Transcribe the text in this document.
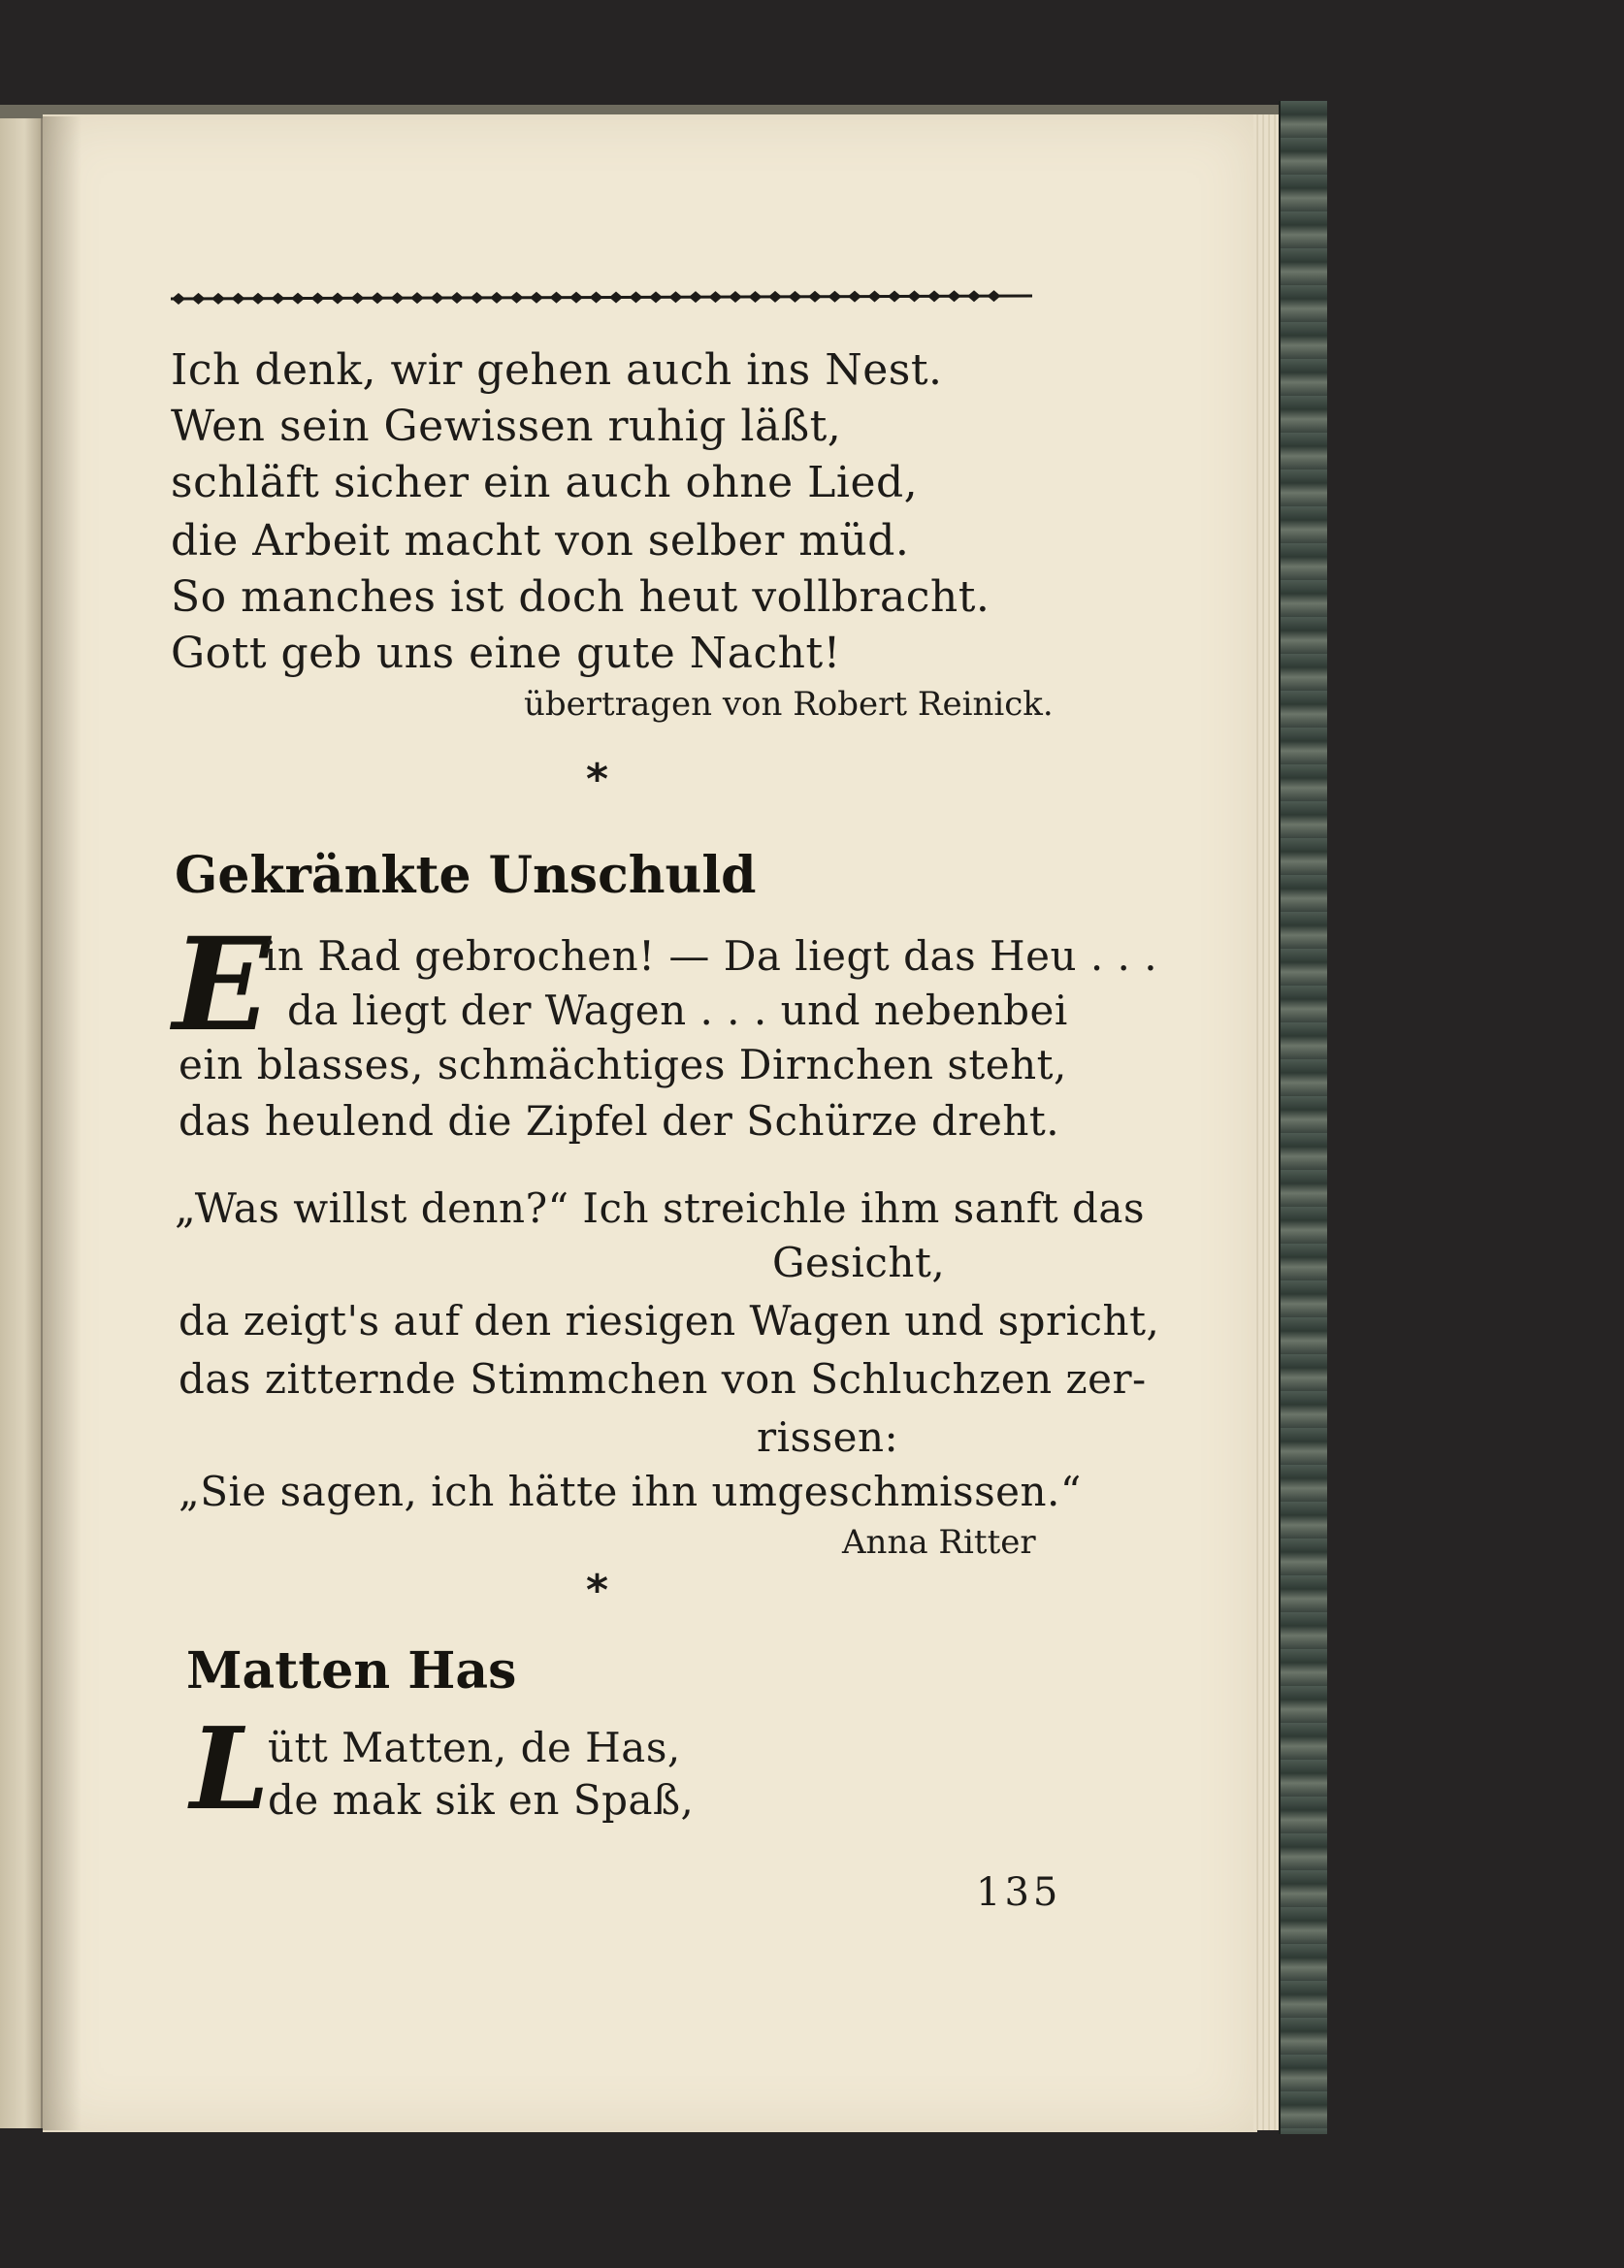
Ich denk, wir gehen auch ins Nest.
Wen sein Gewissen ruhig läßt,
schläft sicher ein auch ohne Lied,
die Arbeit macht von selber müd.
So manches ist doch heut vollbracht.
Gott geb uns eine gute Nacht!
übertragen von Robert Reinick.
*
Gekränkte Unschuld
E
in Rad gebrochen! — Da liegt das Heu . . .
da liegt der Wagen . . . und nebenbei
ein blasses, schmächtiges Dirnchen steht,
das heulend die Zipfel der Schürze dreht.
„Was willst denn?“ Ich streichle ihm sanft das
Gesicht,
da zeigt's auf den riesigen Wagen und spricht,
das zitternde Stimmchen von Schluchzen zer-
rissen:
„Sie sagen, ich hätte ihn umgeschmissen.“
Anna Ritter
*
Matten Has
L
ütt Matten, de Has,
de mak sik en Spaß,
135
